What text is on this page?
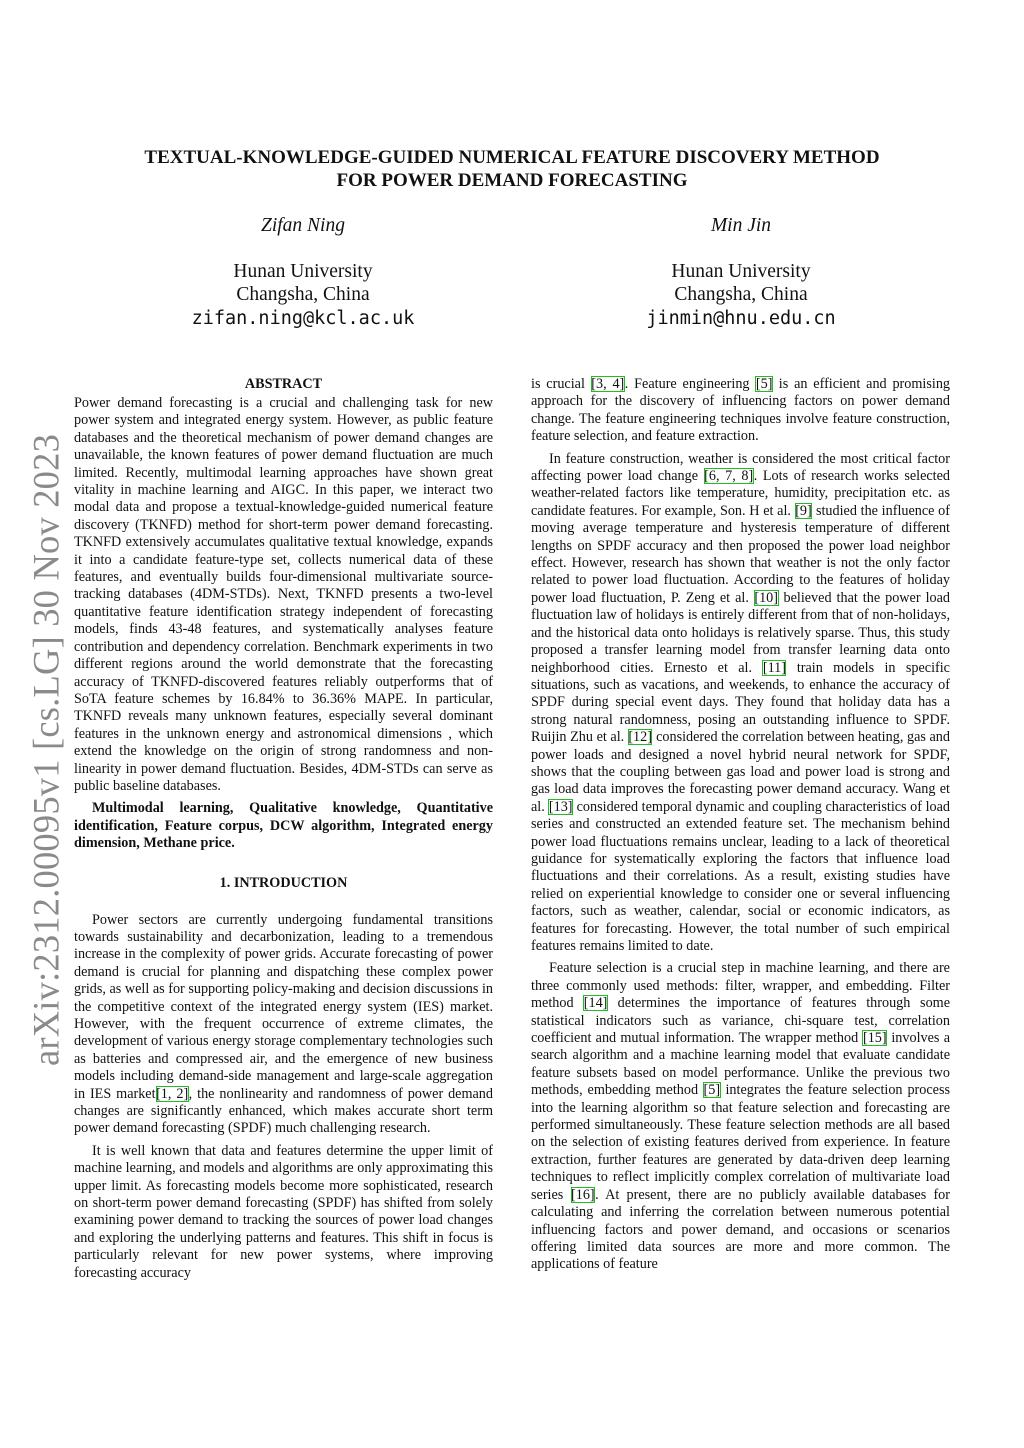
arXiv:2312.00095v1 [cs.LG] 30 Nov 2023
TEXTUAL-KNOWLEDGE-GUIDED NUMERICAL FEATURE DISCOVERY METHOD
FOR POWER DEMAND FORECASTING
Zifan Ning
Hunan University
Changsha, China
zifan.ning@kcl.ac.uk
Min Jin
Hunan University
Changsha, China
jinmin@hnu.edu.cn
ABSTRACT

Power demand forecasting is a crucial and challenging task for new power system and integrated energy system. However, as public feature databases and the theoretical mechanism of power demand changes are unavailable, the known features of power demand fluctuation are much limited. Recently, multimodal learning approaches have shown great vitality in machine learning and AIGC. In this paper, we interact two modal data and propose a textual-knowledge-guided numerical feature discovery (TKNFD) method for short-term power demand forecasting. TKNFD extensively accumulates qualitative textual knowledge, expands it into a candidate feature-type set, collects numerical data of these features, and eventually builds four-dimensional multivariate source-tracking databases (4DM-STDs). Next, TKNFD presents a two-level quantitative feature identification strategy independent of forecasting models, finds 43-48 features, and systematically analyses feature contribution and dependency correlation. Benchmark experiments in two different regions around the world demonstrate that the forecasting accuracy of TKNFD-discovered features reliably outperforms that of SoTA feature schemes by 16.84% to 36.36% MAPE. In particular, TKNFD reveals many unknown features, especially several dominant features in the unknown energy and astronomical dimensions , which extend the knowledge on the origin of strong randomness and non-linearity in power demand fluctuation. Besides, 4DM-STDs can serve as public baseline databases.

Multimodal learning, Qualitative knowledge, Quantitative identification, Feature corpus, DCW algorithm, Integrated energy dimension, Methane price.

1. INTRODUCTION

Power sectors are currently undergoing fundamental transitions towards sustainability and decarbonization, leading to a tremendous increase in the complexity of power grids. Accurate forecasting of power demand is crucial for planning and dispatching these complex power grids, as well as for supporting policy-making and decision discussions in the competitive context of the integrated energy system (IES) market. However, with the frequent occurrence of extreme climates, the development of various energy storage complementary technologies such as batteries and compressed air, and the emergence of new business models including demand-side management and large-scale aggregation in IES market[1, 2], the nonlinearity and randomness of power demand changes are significantly enhanced, which makes accurate short term power demand forecasting (SPDF) much challenging research.

It is well known that data and features determine the upper limit of machine learning, and models and algorithms are only approximating this upper limit. As forecasting models become more sophisticated, research on short-term power demand forecasting (SPDF) has shifted from solely examining power demand to tracking the sources of power load changes and exploring the underlying patterns and features. This shift in focus is particularly relevant for new power systems, where improving forecasting accuracy

is crucial [3, 4]. Feature engineering [5] is an efficient and promising approach for the discovery of influencing factors on power demand change. The feature engineering techniques involve feature construction, feature selection, and feature extraction.

In feature construction, weather is considered the most critical factor affecting power load change [6, 7, 8]. Lots of research works selected weather-related factors like temperature, humidity, precipitation etc. as candidate features. For example, Son. H et al. [9] studied the influence of moving average temperature and hysteresis temperature of different lengths on SPDF accuracy and then proposed the power load neighbor effect. However, research has shown that weather is not the only factor related to power load fluctuation. According to the features of holiday power load fluctuation, P. Zeng et al. [10] believed that the power load fluctuation law of holidays is entirely different from that of non-holidays, and the historical data onto holidays is relatively sparse. Thus, this study proposed a transfer learning model from transfer learning data onto neighborhood cities. Ernesto et al. [11] train models in specific situations, such as vacations, and weekends, to enhance the accuracy of SPDF during special event days. They found that holiday data has a strong natural randomness, posing an outstanding influence to SPDF. Ruijin Zhu et al. [12] considered the correlation between heating, gas and power loads and designed a novel hybrid neural network for SPDF, shows that the coupling between gas load and power load is strong and gas load data improves the forecasting power demand accuracy. Wang et al. [13] considered temporal dynamic and coupling characteristics of load series and constructed an extended feature set. The mechanism behind power load fluctuations remains unclear, leading to a lack of theoretical guidance for systematically exploring the factors that influence load fluctuations and their correlations. As a result, existing studies have relied on experiential knowledge to consider one or several influencing factors, such as weather, calendar, social or economic indicators, as features for forecasting. However, the total number of such empirical features remains limited to date.

Feature selection is a crucial step in machine learning, and there are three commonly used methods: filter, wrapper, and embedding. Filter method [14] determines the importance of features through some statistical indicators such as variance, chi-square test, correlation coefficient and mutual information. The wrapper method [15] involves a search algorithm and a machine learning model that evaluate candidate feature subsets based on model performance. Unlike the previous two methods, embedding method [5] integrates the feature selection process into the learning algorithm so that feature selection and forecasting are performed simultaneously. These feature selection methods are all based on the selection of existing features derived from experience. In feature extraction, further features are generated by data-driven deep learning techniques to reflect implicitly complex correlation of multivariate load series [16]. At present, there are no publicly available databases for calculating and inferring the correlation between numerous potential influencing factors and power demand, and occasions or scenarios offering limited data sources are more and more common. The applications of feature
